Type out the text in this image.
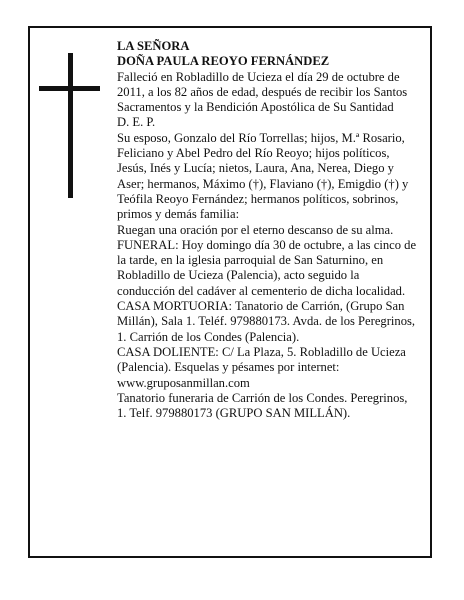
LA SEÑORA

DOÑA PAULA REOYO FERNÁNDEZ

Falleció en Robladillo de Ucieza el día 29 de octubre de 2011, a los 82 años de edad, después de recibir los Santos Sacramentos y la Bendición Apostólica de Su Santidad

D. E. P.

Su esposo, Gonzalo del Río Torrellas; hijos, M.ª Rosario, Feliciano y Abel Pedro del Río Reoyo; hijos políticos, Jesús, Inés y Lucía; nietos, Laura, Ana, Nerea, Diego y Aser; hermanos, Máximo (†), Flaviano (†), Emigdio (†) y Teófila Reoyo Fernández; hermanos políticos, sobrinos, primos y demás familia:

Ruegan una oración por el eterno descanso de su alma.

FUNERAL: Hoy domingo día 30 de octubre, a las cinco de la tarde, en la iglesia parroquial de San Saturnino, en Robladillo de Ucieza (Palencia), acto seguido la conducción del cadáver al cementerio de dicha localidad.

CASA MORTUORIA: Tanatorio de Carrión, (Grupo San Millán), Sala 1. Teléf. 979880173. Avda. de los Peregrinos, 1. Carrión de los Condes (Palencia).

CASA DOLIENTE: C/ La Plaza, 5. Robladillo de Ucieza (Palencia). Esquelas y pésames por internet: www.gruposanmillan.com

Tanatorio funeraria de Carrión de los Condes. Peregrinos, 1. Telf. 979880173 (GRUPO SAN MILLÁN).
